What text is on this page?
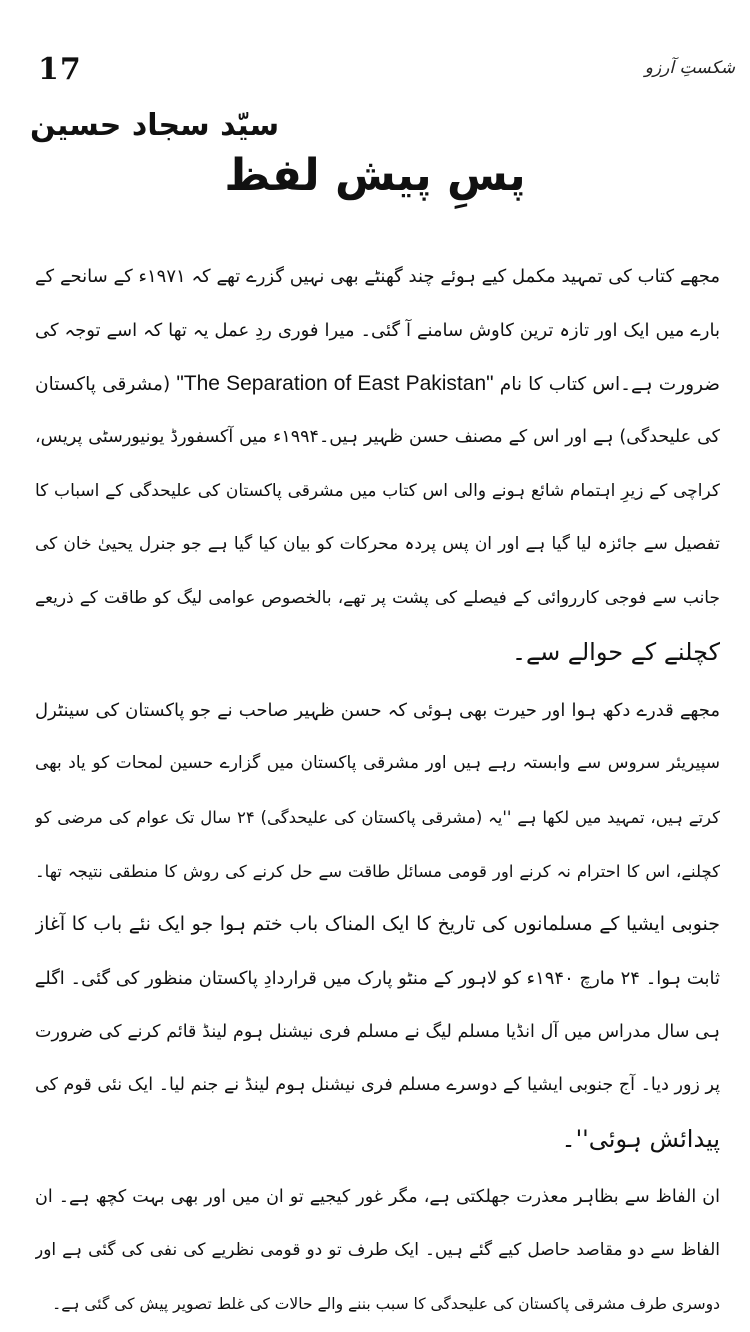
شکستِ آرزو
17
سیّد سجاد حسین
پسِ پیش لفظ
مجھے کتاب کی تمہید مکمل کیے ہوئے چند گھنٹے بھی نہیں گزرے تھے کہ ۱۹۷۱ء کے سانحے کے
بارے میں ایک اور تازہ ترین کاوش سامنے آ گئی۔ میرا فوری ردِ عمل یہ تھا کہ اسے توجہ کی
ضرورت ہے۔اس کتاب کا نام "The Separation of East Pakistan" (مشرقی پاکستان
کی علیحدگی) ہے اور اس کے مصنف حسن ظہیر ہیں۔۱۹۹۴ء میں آکسفورڈ یونیورسٹی پریس،
کراچی کے زیرِ اہتمام شائع ہونے والی اس کتاب میں مشرقی پاکستان کی علیحدگی کے اسباب کا
تفصیل سے جائزہ لیا گیا ہے اور ان پس پردہ محرکات کو بیان کیا گیا ہے جو جنرل یحییٰ خان کی
جانب سے فوجی کارروائی کے فیصلے کی پشت پر تھے، بالخصوص عوامی لیگ کو طاقت کے ذریعے
کچلنے کے حوالے سے۔
مجھے قدرے دکھ ہوا اور حیرت بھی ہوئی کہ حسن ظہیر صاحب نے جو پاکستان کی سینٹرل
سپیریئر سروس سے وابستہ رہے ہیں اور مشرقی پاکستان میں گزارے حسین لمحات کو یاد بھی
کرتے ہیں، تمہید میں لکھا ہے ''یہ (مشرقی پاکستان کی علیحدگی) ۲۴ سال تک عوام کی مرضی کو
کچلنے، اس کا احترام نہ کرنے اور قومی مسائل طاقت سے حل کرنے کی روش کا منطقی نتیجہ تھا۔
جنوبی ایشیا کے مسلمانوں کی تاریخ کا ایک المناک باب ختم ہوا جو ایک نئے باب کا آغاز
ثابت ہوا۔ ۲۴ مارچ ۱۹۴۰ء کو لاہور کے منٹو پارک میں قراردادِ پاکستان منظور کی گئی۔ اگلے
ہی سال مدراس میں آل انڈیا مسلم لیگ نے مسلم فری نیشنل ہوم لینڈ قائم کرنے کی ضرورت
پر زور دیا۔ آج جنوبی ایشیا کے دوسرے مسلم فری نیشنل ہوم لینڈ نے جنم لیا۔ ایک نئی قوم کی
پیدائش ہوئی''۔
ان الفاظ سے بظاہر معذرت جھلکتی ہے، مگر غور کیجیے تو ان میں اور بھی بہت کچھ ہے۔ ان
الفاظ سے دو مقاصد حاصل کیے گئے ہیں۔ ایک طرف تو دو قومی نظریے کی نفی کی گئی ہے اور
دوسری طرف مشرقی پاکستان کی علیحدگی کا سبب بننے والے حالات کی غلط تصویر پیش کی گئی ہے۔
